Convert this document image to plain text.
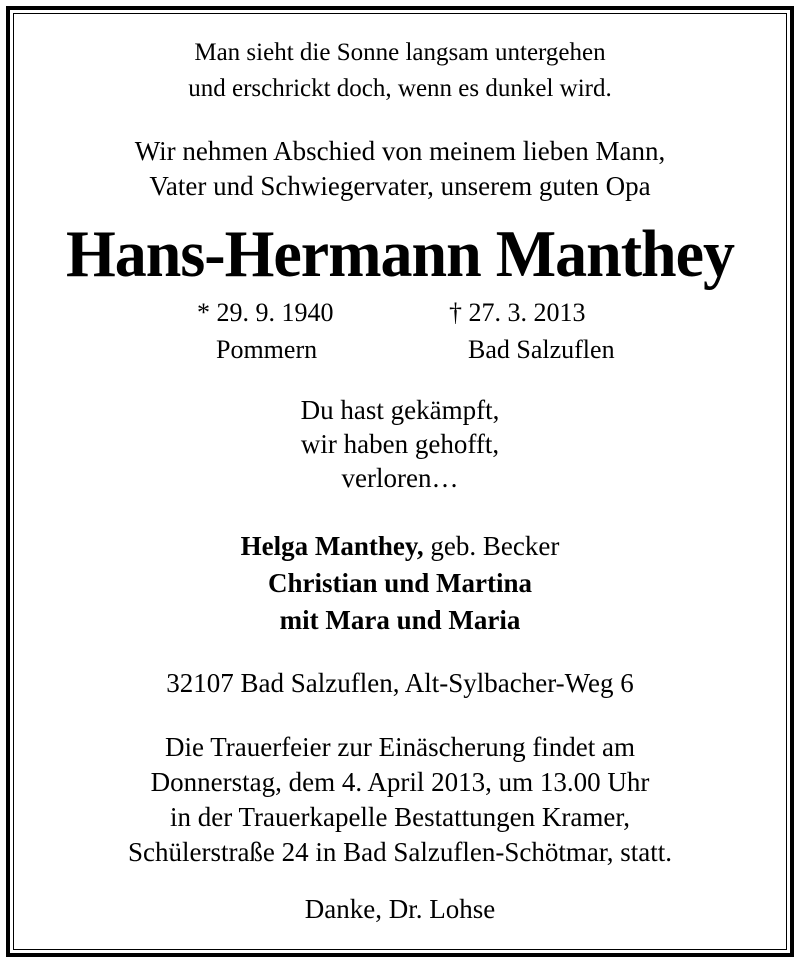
Man sieht die Sonne langsam untergehen
und erschrickt doch, wenn es dunkel wird.
Wir nehmen Abschied von meinem lieben Mann,
Vater und Schwiegervater, unserem guten Opa
Hans-Hermann Manthey
* 29. 9. 1940	† 27. 3. 2013
Pommern	Bad Salzuflen
Du hast gekämpft,
wir haben gehofft,
verloren…
Helga Manthey, geb. Becker
Christian und Martina
mit Mara und Maria
32107 Bad Salzuflen, Alt-Sylbacher-Weg 6
Die Trauerfeier zur Einäscherung findet am
Donnerstag, dem 4. April 2013, um 13.00 Uhr
in der Trauerkapelle Bestattungen Kramer,
Schülerstraße 24 in Bad Salzuflen-Schötmar, statt.
Danke, Dr. Lohse
